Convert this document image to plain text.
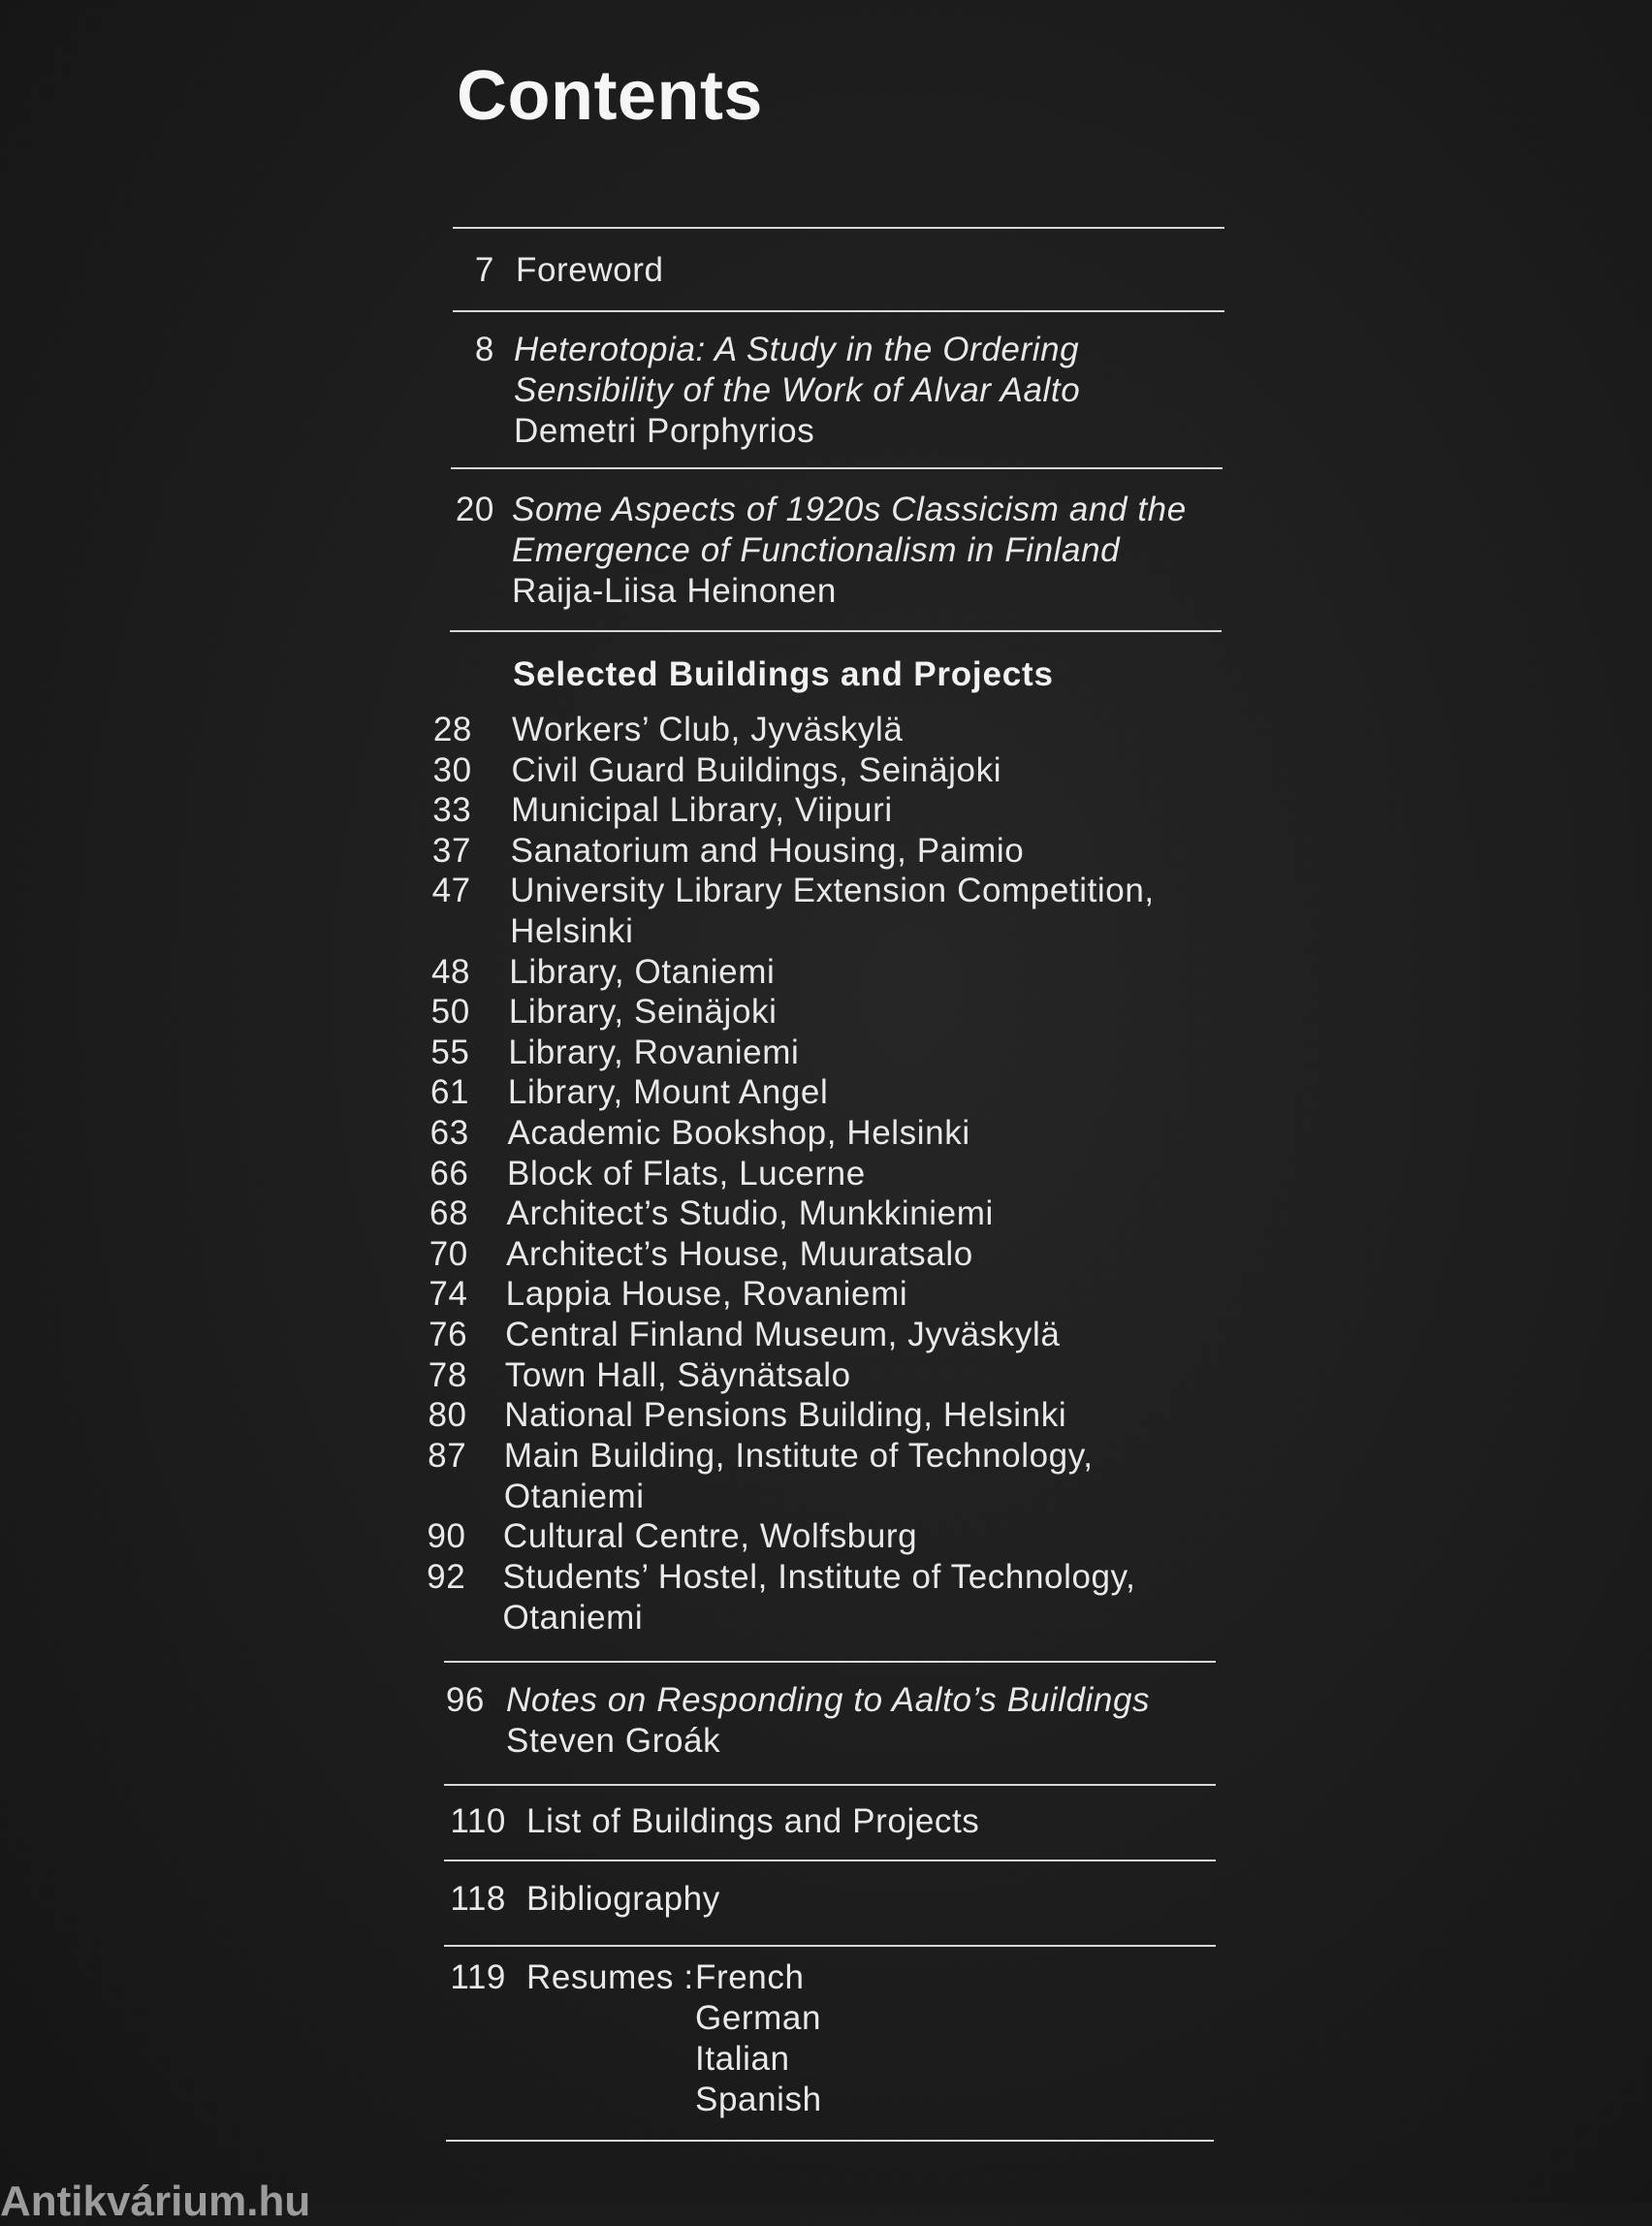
Contents
7 Foreword
8 Heterotopia: A Study in the Ordering
Sensibility of the Work of Alvar Aalto
Demetri Porphyrios
20 Some Aspects of 1920s Classicism and the
Emergence of Functionalism in Finland
Raija-Liisa Heinonen
Selected Buildings and Projects
28 Workers’ Club, Jyväskylä
30 Civil Guard Buildings, Seinäjoki
33 Municipal Library, Viipuri
37 Sanatorium and Housing, Paimio
47 University Library Extension Competition,
Helsinki
48 Library, Otaniemi
50 Library, Seinäjoki
55 Library, Rovaniemi
61 Library, Mount Angel
63 Academic Bookshop, Helsinki
66 Block of Flats, Lucerne
68 Architect’s Studio, Munkkiniemi
70 Architect’s House, Muuratsalo
74 Lappia House, Rovaniemi
76 Central Finland Museum, Jyväskylä
78 Town Hall, Säynätsalo
80 National Pensions Building, Helsinki
87 Main Building, Institute of Technology,
Otaniemi
90 Cultural Centre, Wolfsburg
92 Students’ Hostel, Institute of Technology,
Otaniemi
96 Notes on Responding to Aalto’s Buildings
Steven Groák
110 List of Buildings and Projects
118 Bibliography
119 Resumes : French
German
Italian
Spanish
Antikvárium.hu
